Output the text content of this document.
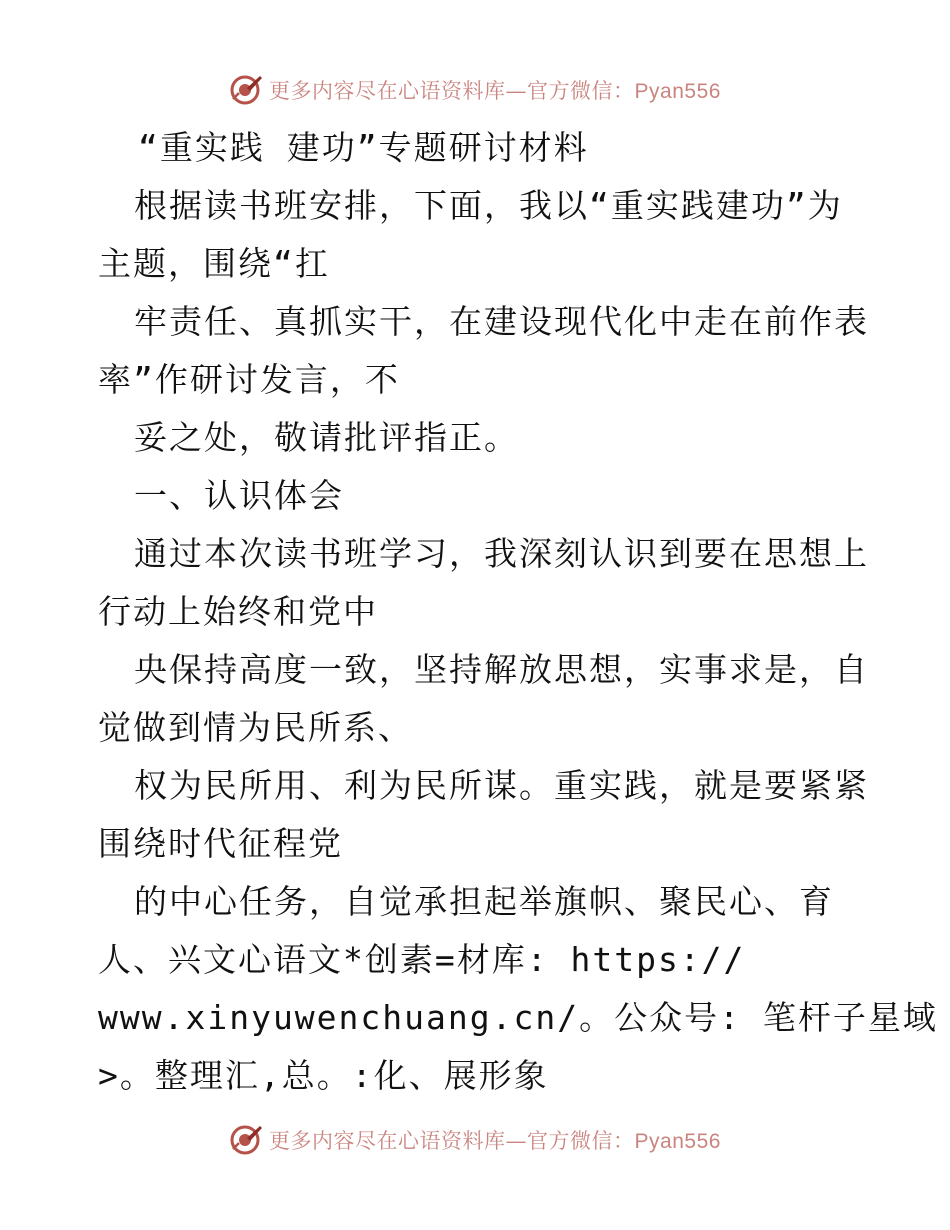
更多内容尽在心语资料库—官方微信：Pyan556
“重实践 建功”专题研讨材料
根据读书班安排，下面，我以“重实践建功”为
主题，围绕“扛
牢责任、真抓实干，在建设现代化中走在前作表
率”作研讨发言，不
妥之处，敬请批评指正。
一、认识体会
通过本次读书班学习，我深刻认识到要在思想上
行动上始终和党中
央保持高度一致，坚持解放思想，实事求是，自
觉做到情为民所系、
权为民所用、利为民所谋。重实践，就是要紧紧
围绕时代征程党
的中心任务，自觉承担起举旗帜、聚民心、育
人、兴文心语文*创素=材库: https://
www.xinyuwenchuang.cn/。公众号: 笔杆子星域
>。整理汇,总。:化、展形象
更多内容尽在心语资料库—官方微信：Pyan556
